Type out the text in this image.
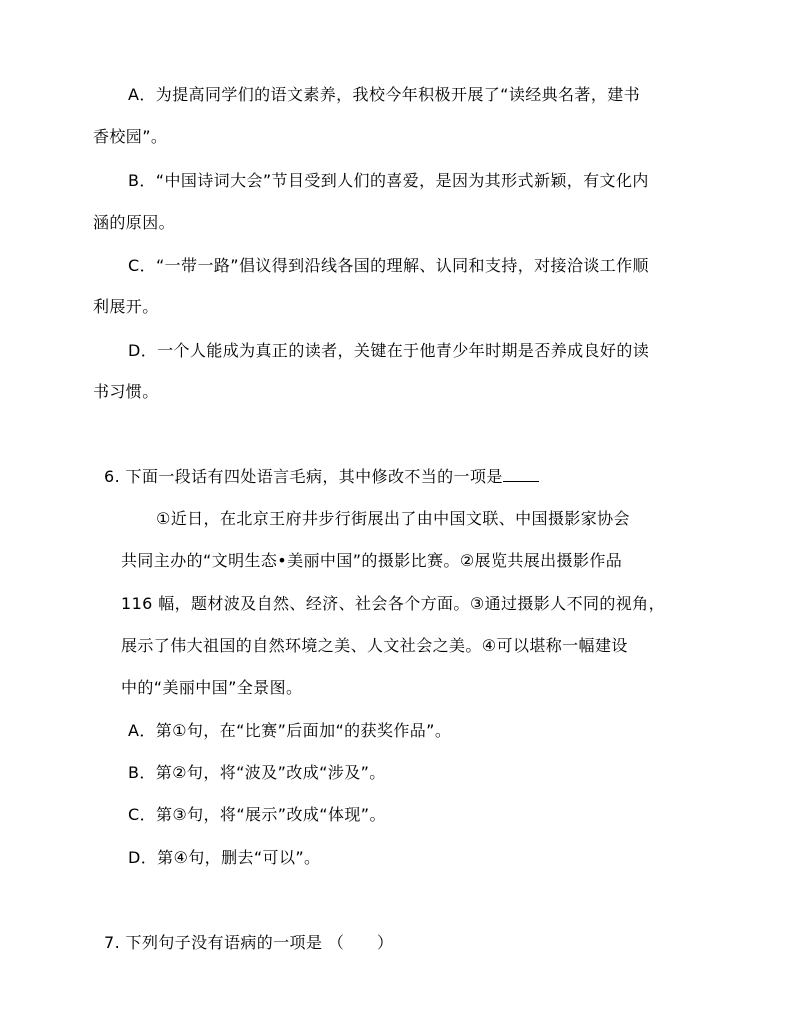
A．为提高同学们的语文素养，我校今年积极开展了“读经典名著，建书
香校园”。
B．“中国诗词大会”节目受到人们的喜爱，是因为其形式新颖，有文化内
涵的原因。
C．“一带一路”倡议得到沿线各国的理解、认同和支持，对接洽谈工作顺
利展开。
D．一个人能成为真正的读者，关键在于他青少年时期是否养成良好的读
书习惯。
6. 下面一段话有四处语言毛病，其中修改不当的一项是
①近日，在北京王府井步行街展出了由中国文联、中国摄影家协会
共同主办的“文明生态•美丽中国”的摄影比赛。②展览共展出摄影作品
116 幅，题材波及自然、经济、社会各个方面。③通过摄影人不同的视角，
展示了伟大祖国的自然环境之美、人文社会之美。④可以堪称一幅建设
中的“美丽中国”全景图。
A．第①句，在“比赛”后面加“的获奖作品”。
B．第②句，将“波及”改成“涉及”。
C．第③句，将“展示”改成“体现”。
D．第④句，删去“可以”。
7. 下列句子没有语病的一项是 （　　）
